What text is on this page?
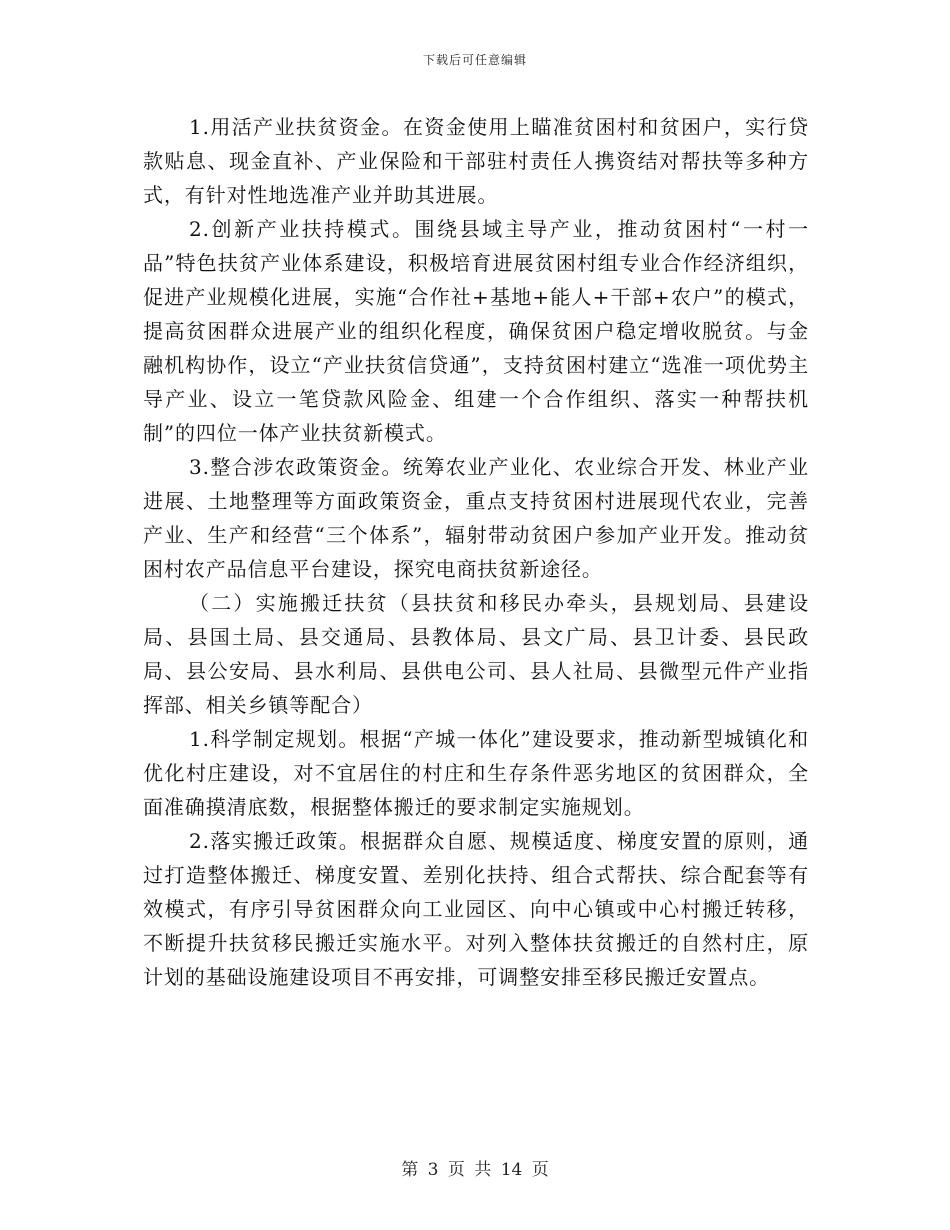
下载后可任意编辑

1.用活产业扶贫资金。在资金使用上瞄准贫困村和贫困户，实行贷款贴息、现金直补、产业保险和干部驻村责任人携资结对帮扶等多种方式，有针对性地选准产业并助其进展。

2.创新产业扶持模式。围绕县域主导产业，推动贫困村“一村一品”特色扶贫产业体系建设，积极培育进展贫困村组专业合作经济组织，促进产业规模化进展，实施“合作社+基地+能人+干部+农户”的模式，提高贫困群众进展产业的组织化程度，确保贫困户稳定增收脱贫。与金融机构协作，设立“产业扶贫信贷通”，支持贫困村建立“选准一项优势主导产业、设立一笔贷款风险金、组建一个合作组织、落实一种帮扶机制”的四位一体产业扶贫新模式。

3.整合涉农政策资金。统筹农业产业化、农业综合开发、林业产业进展、土地整理等方面政策资金，重点支持贫困村进展现代农业，完善产业、生产和经营“三个体系”，辐射带动贫困户参加产业开发。推动贫困村农产品信息平台建设，探究电商扶贫新途径。

（二）实施搬迁扶贫（县扶贫和移民办牵头，县规划局、县建设局、县国土局、县交通局、县教体局、县文广局、县卫计委、县民政局、县公安局、县水利局、县供电公司、县人社局、县微型元件产业指挥部、相关乡镇等配合）

1.科学制定规划。根据“产城一体化”建设要求，推动新型城镇化和优化村庄建设，对不宜居住的村庄和生存条件恶劣地区的贫困群众，全面准确摸清底数，根据整体搬迁的要求制定实施规划。

2.落实搬迁政策。根据群众自愿、规模适度、梯度安置的原则，通过打造整体搬迁、梯度安置、差别化扶持、组合式帮扶、综合配套等有效模式，有序引导贫困群众向工业园区、向中心镇或中心村搬迁转移，不断提升扶贫移民搬迁实施水平。对列入整体扶贫搬迁的自然村庄，原计划的基础设施建设项目不再安排，可调整安排至移民搬迁安置点。

第 3 页 共 14 页
